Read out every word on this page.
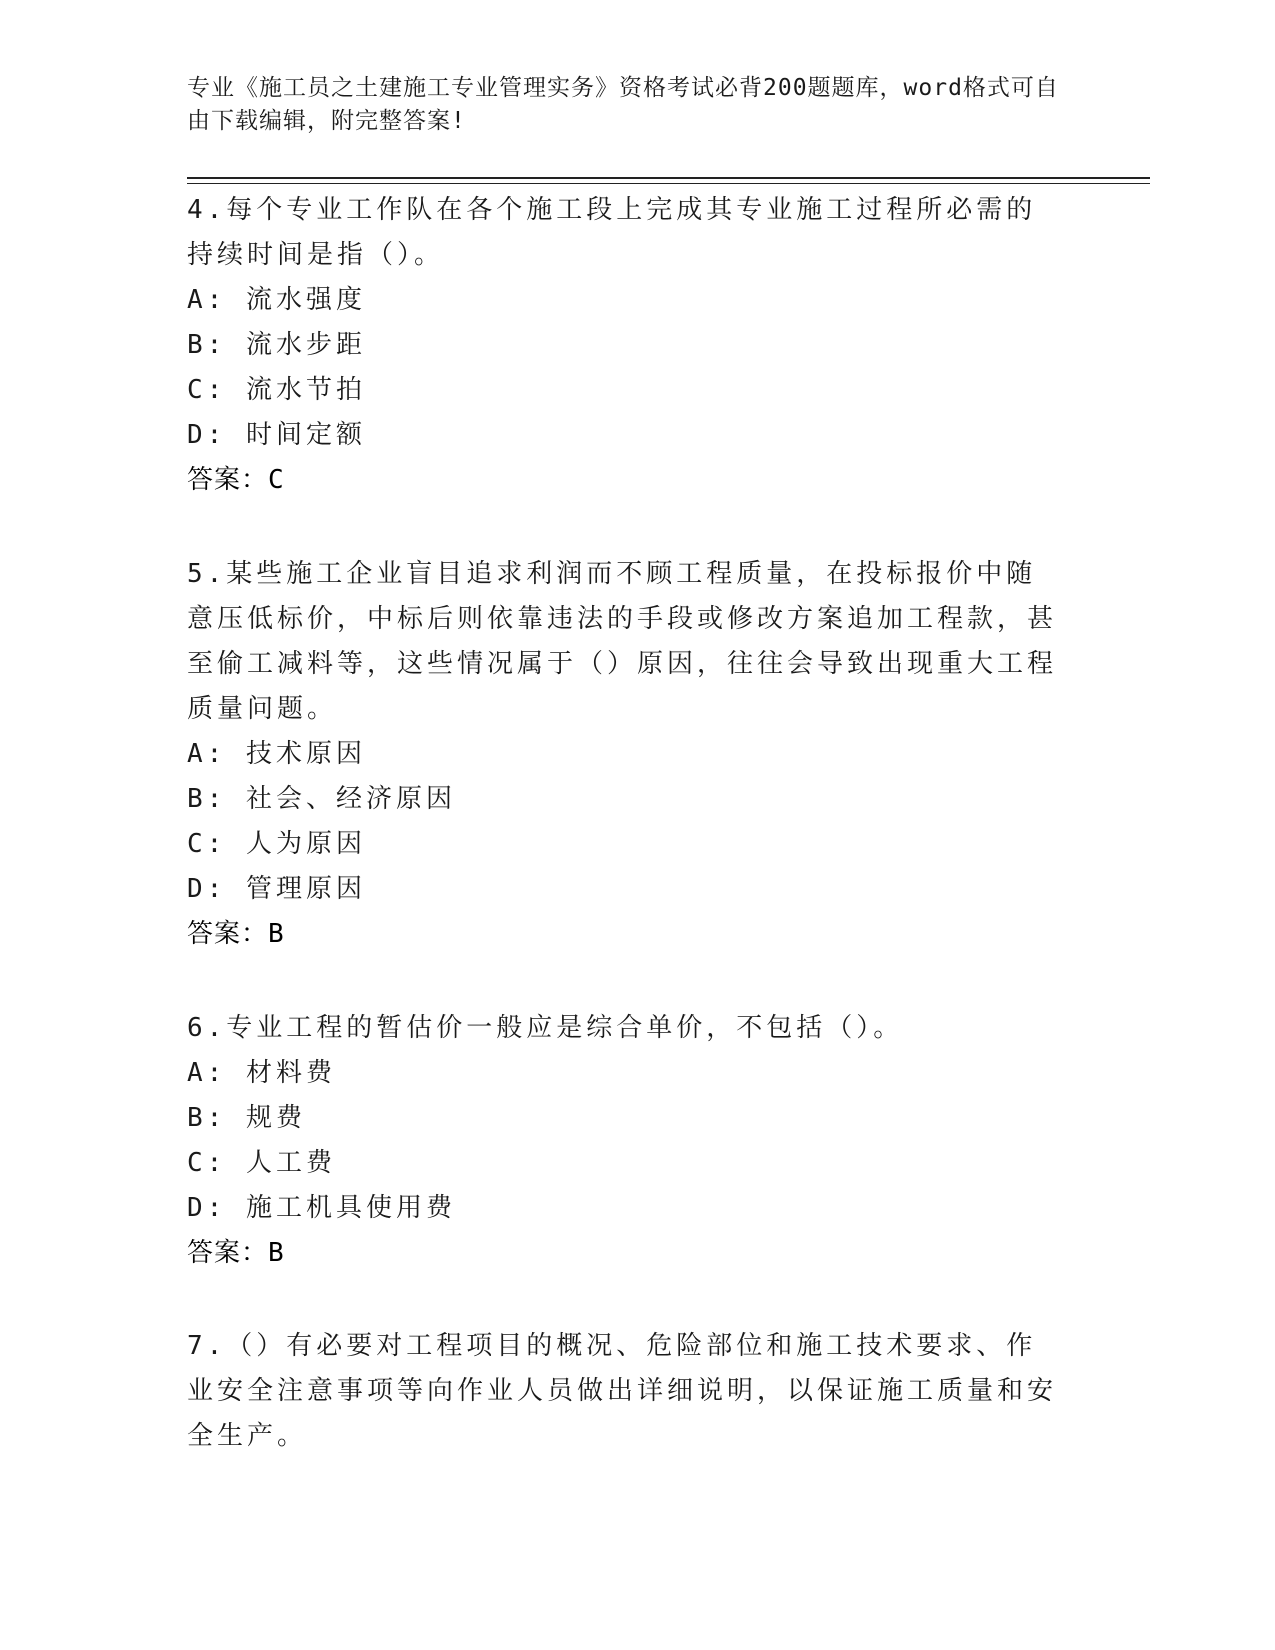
专业《施工员之土建施工专业管理实务》资格考试必背200题题库，word格式可自由下载编辑，附完整答案!

4.每个专业工作队在各个施工段上完成其专业施工过程所必需的持续时间是指（）。

A: 流水强度

B: 流水步距

C: 流水节拍

D: 时间定额

答案：C

5.某些施工企业盲目追求利润而不顾工程质量，在投标报价中随意压低标价，中标后则依靠违法的手段或修改方案追加工程款，甚至偷工减料等，这些情况属于（）原因，往往会导致出现重大工程质量问题。

A: 技术原因

B: 社会、经济原因

C: 人为原因

D: 管理原因

答案：B

6.专业工程的暂估价一般应是综合单价，不包括（）。

A: 材料费

B: 规费

C: 人工费

D: 施工机具使用费

答案：B

7.（）有必要对工程项目的概况、危险部位和施工技术要求、作业安全注意事项等向作业人员做出详细说明，以保证施工质量和安全生产。
